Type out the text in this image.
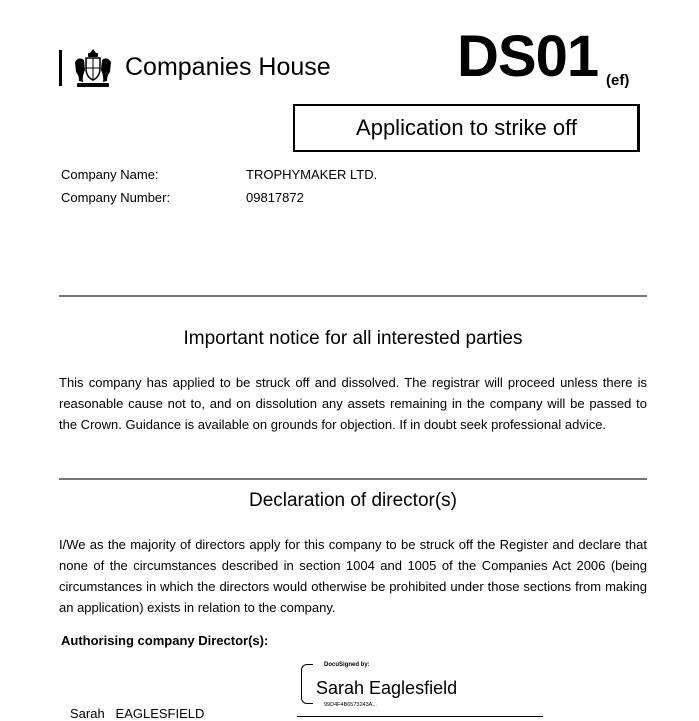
Companies House DS01 (ef)
Application to strike off
Company Name:	TROPHYMAKER LTD.
Company Number:	09817872
Important notice for all interested parties
This company has applied to be struck off and dissolved. The registrar will proceed unless there is reasonable cause not to, and on dissolution any assets remaining in the company will be passed to the Crown. Guidance is available on grounds for objection. If in doubt seek professional advice.
Declaration of director(s)
I/We as the majority of directors apply for this company to be struck off the Register and declare that none of the circumstances described in section 1004 and 1005 of the Companies Act 2006 (being circumstances in which the directors would otherwise be prohibited under those sections from making an application) exists in relation to the company.
Authorising company Director(s):
Sarah   EAGLESFIELD
DocuSigned by:
Sarah Eaglesfield
99D4F4B6573243A...
